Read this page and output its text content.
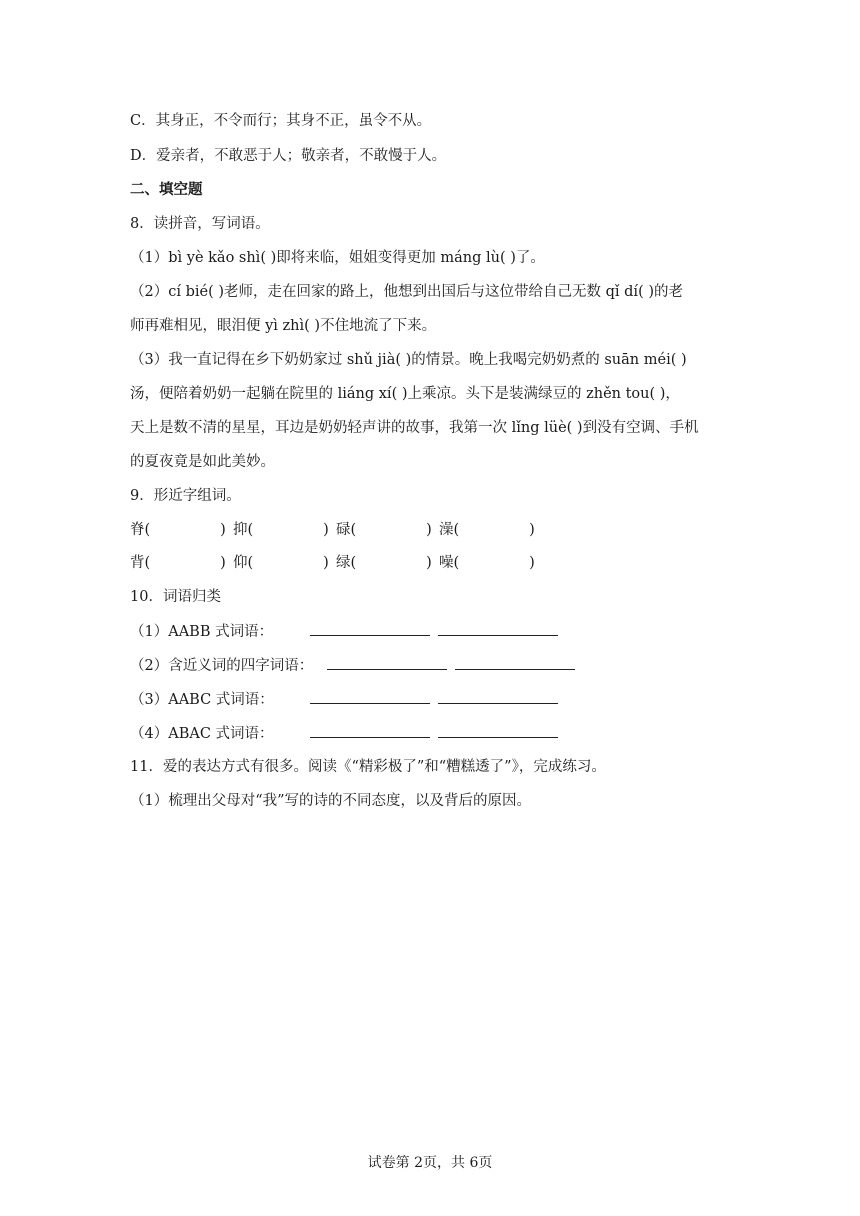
C．其身正，不令而行；其身不正，虽令不从。
D．爱亲者，不敢恶于人；敬亲者，不敢慢于人。
二、填空题
8．读拼音，写词语。
（1）bì yè kǎo shì( )即将来临，姐姐变得更加 máng lù( )了。
（2）cí bié( )老师，走在回家的路上，他想到出国后与这位带给自己无数 qǐ dí( )的老
师再难相见，眼泪便 yì zhì( )不住地流了下来。
（3）我一直记得在乡下奶奶家过 shǔ jià( )的情景。晚上我喝完奶奶煮的 suān méi( )
汤，便陪着奶奶一起躺在院里的 liáng xí( )上乘凉。头下是装满绿豆的 zhěn tou( )，
天上是数不清的星星，耳边是奶奶轻声讲的故事，我第一次 lǐng lüè( )到没有空调、手机
的夏夜竟是如此美妙。
9．形近字组词。
脊(	) 抑(	) 碌(	) 澡(	)
背(	) 仰(	) 绿(	) 噪(	)
10．词语归类
（1）AABB 式词语：
（2）含近义词的四字词语：
（3）AABC 式词语：
（4）ABAC 式词语：
11．爱的表达方式有很多。阅读《“精彩极了”和“糟糕透了”》，完成练习。
（1）梳理出父母对“我”写的诗的不同态度，以及背后的原因。
试卷第 2页，共 6页
